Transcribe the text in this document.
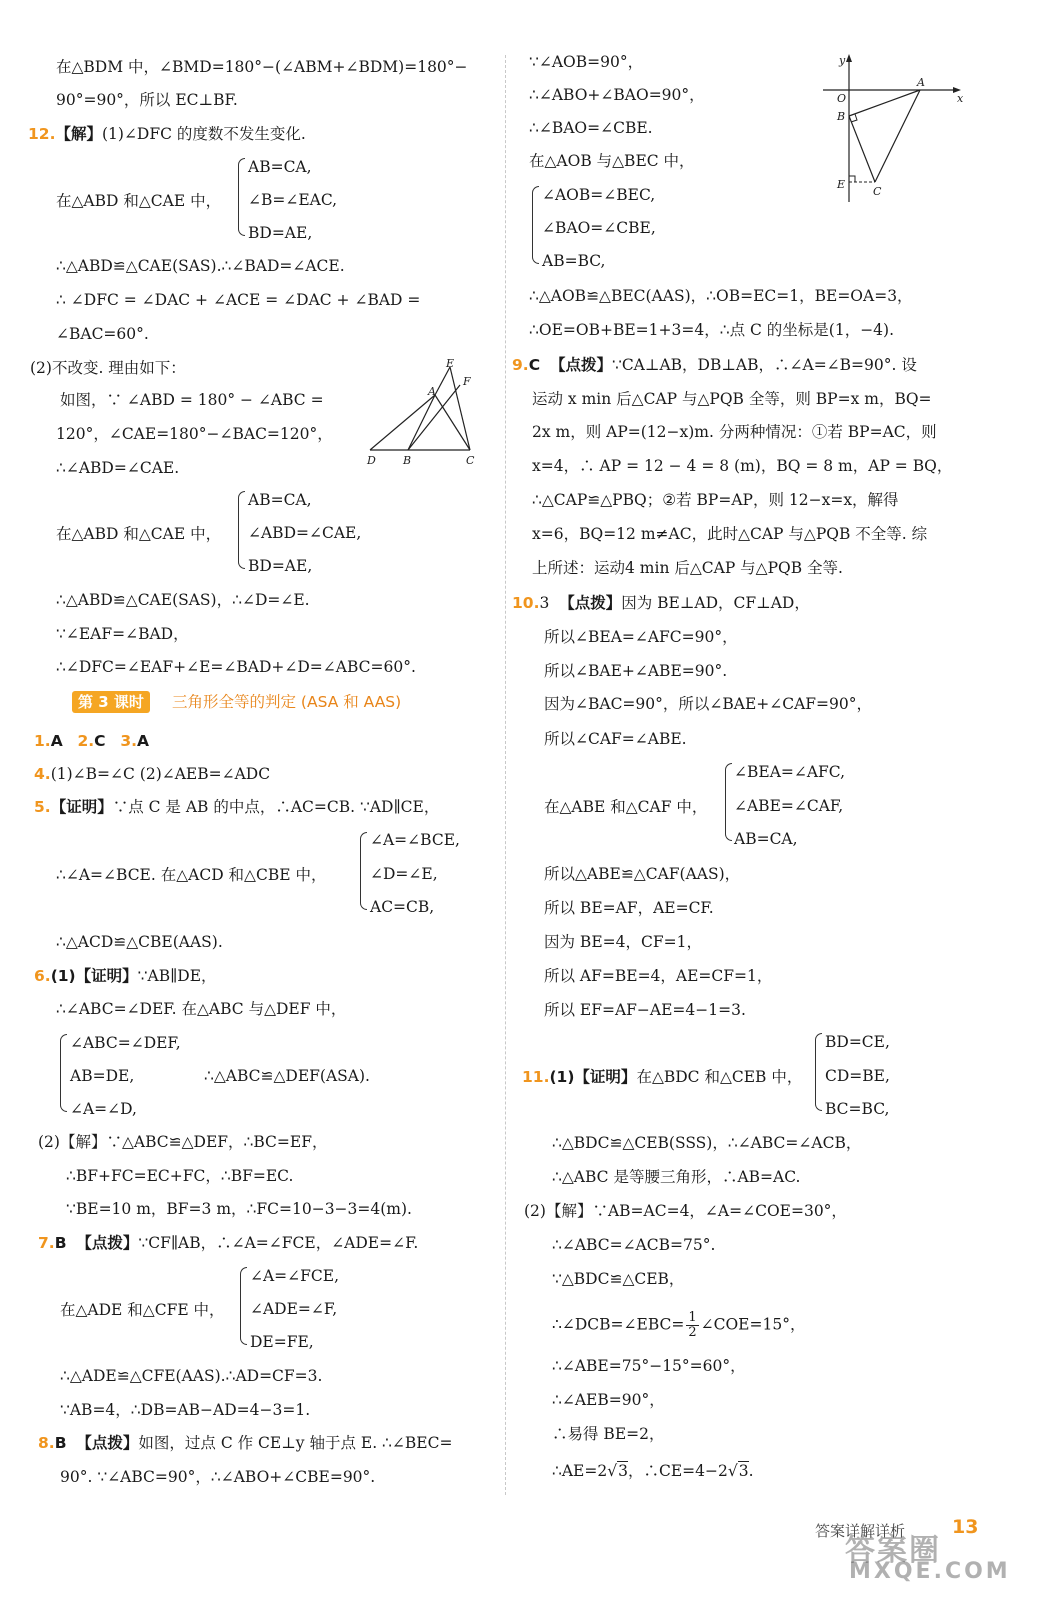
在△BDM 中，∠BMD=180°−(∠ABM+∠BDM)=180°−
90°=90°，所以 EC⊥BF.
12.【解】(1)∠DFC 的度数不发生变化.
在△ABD 和△CAE 中，
AB=CA,
∠B=∠EAC,
BD=AE,
∴△ABD≌△CAE(SAS).∴∠BAD=∠ACE.
∴ ∠DFC = ∠DAC + ∠ACE = ∠DAC + ∠BAD =
∠BAC=60°.
(2)不改变. 理由如下：
如图，∵ ∠ABD = 180° − ∠ABC =
120°，∠CAE=180°−∠BAC=120°，
∴∠ABD=∠CAE.
E
F
A
D B	C
在△ABD 和△CAE 中，
AB=CA,
∠ABD=∠CAE,
BD=AE,
∴△ABD≌△CAE(SAS)，∴∠D=∠E.
∵∠EAF=∠BAD，
∴∠DFC=∠EAF+∠E=∠BAD+∠D=∠ABC=60°.
第 3 课时	三角形全等的判定 (ASA 和 AAS)
1.A 2.C 3.A
4.(1)∠B=∠C (2)∠AEB=∠ADC
5.【证明】∵点 C 是 AB 的中点，∴AC=CB. ∵AD∥CE，
∴∠A=∠BCE. 在△ACD 和△CBE 中，
∠A=∠BCE,
∠D=∠E,
AC=CB,
∴△ACD≌△CBE(AAS).
6.(1)【证明】∵AB∥DE，
∴∠ABC=∠DEF. 在△ABC 与△DEF 中，
∠ABC=∠DEF,
AB=DE,
∠A=∠D,
∴△ABC≌△DEF(ASA).
(2)【解】∵△ABC≌△DEF，∴BC=EF，
∴BF+FC=EC+FC，∴BF=EC.
∵BE=10 m，BF=3 m，∴FC=10−3−3=4(m).
7.B 【点拨】∵CF∥AB，∴∠A=∠FCE，∠ADE=∠F.
在△ADE 和△CFE 中，
∠A=∠FCE,
∠ADE=∠F,
DE=FE,
∴△ADE≌△CFE(AAS).∴AD=CF=3.
∵AB=4，∴DB=AB−AD=4−3=1.
8.B 【点拨】如图，过点 C 作 CE⊥y 轴于点 E. ∴∠BEC=
90°. ∵∠ABC=90°，∴∠ABO+∠CBE=90°.
∵∠AOB=90°，
∴∠ABO+∠BAO=90°，
∴∠BAO=∠CBE.
在△AOB 与△BEC 中，
∠AOB=∠BEC,
∠BAO=∠CBE,
AB=BC,
y
x
O
A
B
E
C
∴△AOB≌△BEC(AAS)，∴OB=EC=1，BE=OA=3，
∴OE=OB+BE=1+3=4，∴点 C 的坐标是(1，−4).
9.C 【点拨】∵CA⊥AB，DB⊥AB，∴∠A=∠B=90°. 设
运动 x min 后△CAP 与△PQB 全等，则 BP=x m，BQ=
2x m，则 AP=(12−x)m. 分两种情况：①若 BP=AC，则
x=4，∴ AP = 12 − 4 = 8 (m)，BQ = 8 m，AP = BQ，
∴△CAP≌△PBQ；②若 BP=AP，则 12−x=x，解得
x=6，BQ=12 m≠AC，此时△CAP 与△PQB 不全等. 综
上所述：运动4 min 后△CAP 与△PQB 全等.
10.3 【点拨】因为 BE⊥AD，CF⊥AD，
所以∠BEA=∠AFC=90°，
所以∠BAE+∠ABE=90°.
因为∠BAC=90°，所以∠BAE+∠CAF=90°，
所以∠CAF=∠ABE.
在△ABE 和△CAF 中，
∠BEA=∠AFC,
∠ABE=∠CAF,
AB=CA,
所以△ABE≌△CAF(AAS)，
所以 BE=AF，AE=CF.
因为 BE=4，CF=1，
所以 AF=BE=4，AE=CF=1，
所以 EF=AF−AE=4−1=3.
11.(1)【证明】在△BDC 和△CEB 中，
BD=CE,
CD=BE,
BC=BC,
∴△BDC≌△CEB(SSS)，∴∠ABC=∠ACB，
∴△ABC 是等腰三角形，∴AB=AC.
(2)【解】∵AB=AC=4，∠A=∠COE=30°，
∴∠ABC=∠ACB=75°.
∵△BDC≌△CEB，
∴∠DCB=∠EBC= $\frac{1}{2}$ ∠COE=15°，
∴∠ABE=75°−15°=60°，
∴∠AEB=90°，
∴易得 BE=2，
∴AE=2√3，∴CE=4−2√3.
答案详解详析 13
答案圈
MXQE.COM
